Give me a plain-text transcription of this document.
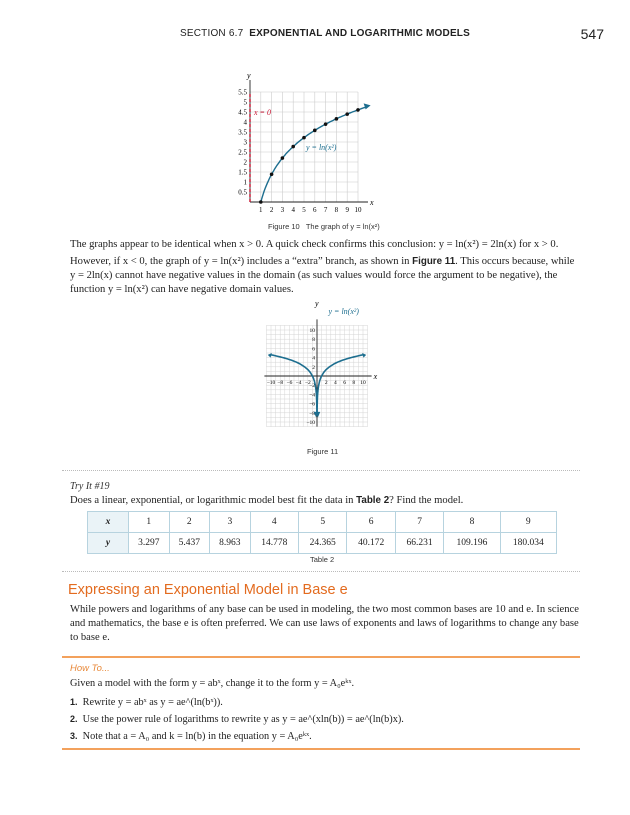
SECTION 6.7 EXPONENTIAL AND LOGARITHMIC MODELS	547
1 2 3 4 5 6 7 8 9 10
0.5
1
1.5
2
2.5
3
3.5
4
4.5
5
5.5
y
x
x = 0
y = ln(x²)
Figure 10 The graph of y = ln(x²)
The graphs appear to be identical when x > 0. A quick check confirms this conclusion: y = ln(x²) = 2ln(x) for x > 0.
However, if x < 0, the graph of y = ln(x²) includes a “extra” branch, as shown in Figure 11. This occurs because, while y = 2ln(x) cannot have negative values in the domain (as such values would force the argument to be negative), the function y = ln(x²) can have negative domain values.
−10 −8 −6 −4 −2	2 4 6 8 10
−10
−8
−6
−4
−2
2
4
6
8
10
y
x
y = ln(x²)
Figure 11
Try It #19
Does a linear, exponential, or logarithmic model best fit the data in Table 2? Find the model.
x	1	2	3	4	5	6	7	8	9
y	3.297	5.437	8.963	14.778	24.365	40.172	66.231	109.196	180.034
Table 2
Expressing an Exponential Model in Base e
While powers and logarithms of any base can be used in modeling, the two most common bases are 10 and e. In science and mathematics, the base e is often preferred. We can use laws of exponents and laws of logarithms to change any base to base e.
How To...
Given a model with the form y = abˣ, change it to the form y = A₀eᵏˣ.
1. Rewrite y = abˣ as y = ae^(ln(bˣ)).
2. Use the power rule of logarithms to rewrite y as y = ae^(xln(b)) = ae^(ln(b)x).
3. Note that a = A₀ and k = ln(b) in the equation y = A₀eᵏˣ.
